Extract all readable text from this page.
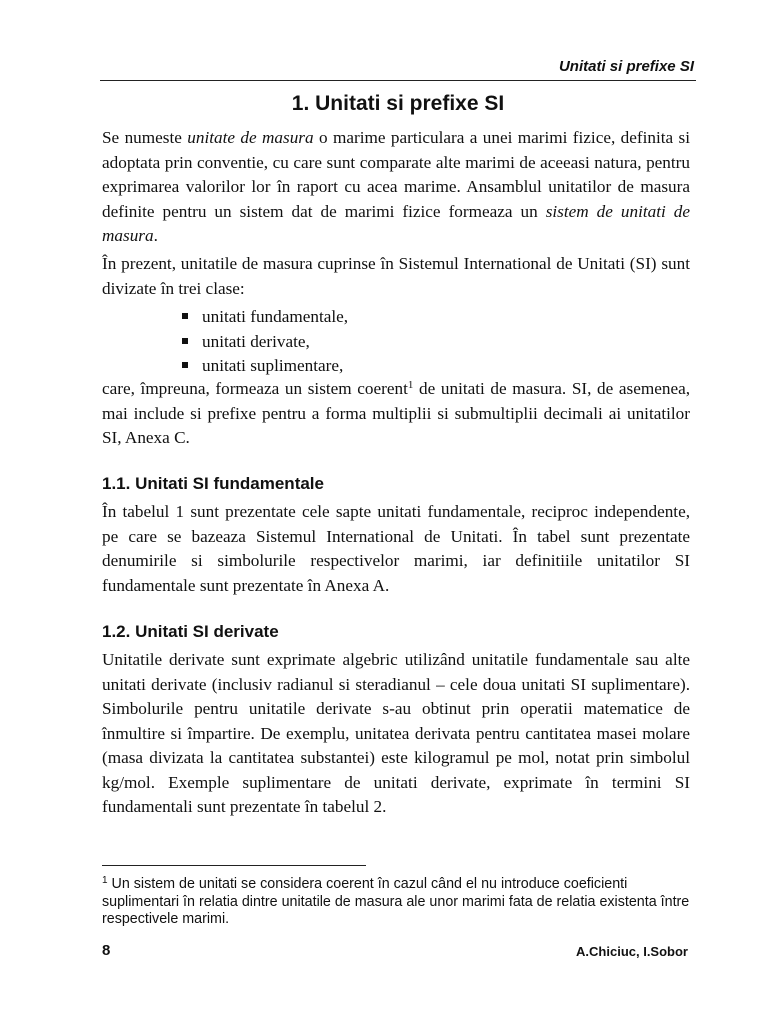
Unitati si prefixe SI
1. Unitati si prefixe SI

Se numeste unitate de masura o marime particulara a unei marimi fizice, definita si adoptata prin conventie, cu care sunt comparate alte marimi de aceeasi natura, pentru exprimarea valorilor lor în raport cu acea marime. Ansamblul unitatilor de masura definite pentru un sistem dat de marimi fizice formeaza un sistem de unitati de masura.

În prezent, unitatile de masura cuprinse în Sistemul International de Unitati (SI) sunt divizate în trei clase:

unitati fundamentale,
unitati derivate,
unitati suplimentare,

care, împreuna, formeaza un sistem coerent$^1$ de unitati de masura. SI, de asemenea, mai include si prefixe pentru a forma multiplii si submultiplii decimali ai unitatilor SI, Anexa C.

1.1. Unitati SI fundamentale

În tabelul 1 sunt prezentate cele sapte unitati fundamentale, reciproc independente, pe care se bazeaza Sistemul International de Unitati. În tabel sunt prezentate denumirile si simbolurile respectivelor marimi, iar definitiile unitatilor SI fundamentale sunt prezentate în Anexa A.

1.2. Unitati SI derivate

Unitatile derivate sunt exprimate algebric utilizând unitatile fundamentale sau alte unitati derivate (inclusiv radianul si steradianul – cele doua unitati SI suplimentare). Simbolurile pentru unitatile derivate s-au obtinut prin operatii matematice de înmultire si împartire. De exemplu, unitatea derivata pentru cantitatea masei molare (masa divizata la cantitatea substantei) este kilogramul pe mol, notat prin simbolul kg/mol. Exemple suplimentare de unitati derivate, exprimate în termini SI fundamentali sunt prezentate în tabelul 2.

$^1$ Un sistem de unitati se considera coerent în cazul când el nu introduce coeficienti suplimentari în relatia dintre unitatile de masura ale unor marimi fata de relatia existenta între respectivele marimi.

8	A.Chiciuc, I.Sobor
